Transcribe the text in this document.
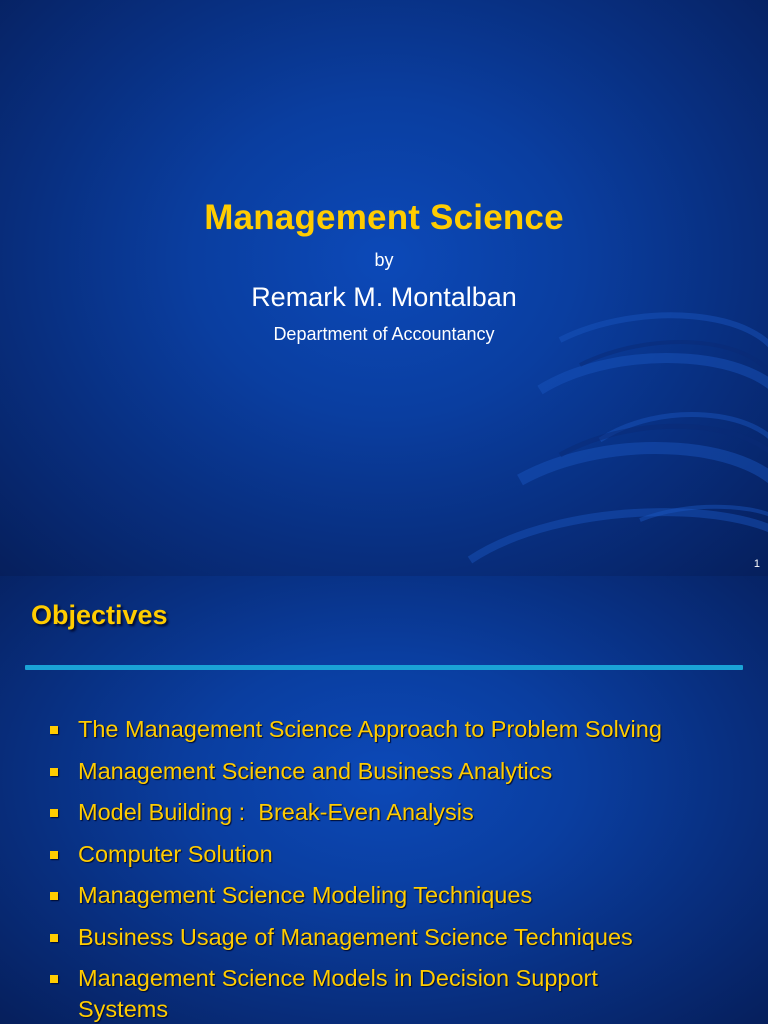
Management Science
by
Remark M. Montalban
Department of Accountancy
1
Objectives
The Management Science Approach to Problem Solving
Management Science and Business Analytics
Model Building :  Break-Even Analysis
Computer Solution
Management Science Modeling Techniques
Business Usage of Management Science Techniques
Management Science Models in Decision Support Systems
